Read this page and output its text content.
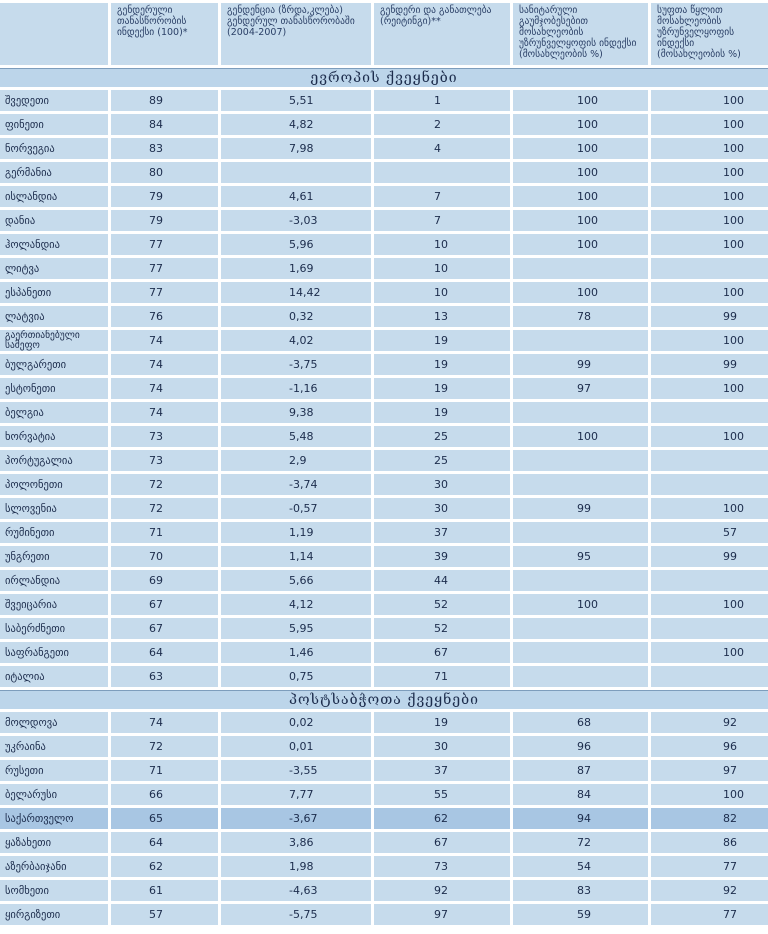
	გენდერული თანასწორობის ინდექსი (100)*	გენდენცია (ზრდა,კლება) გენდერულ თანასწორობაში (2004-2007)	გენდერი და განათლება (რეიტინგი)**	სანიტარული გაუმჯობესებით მოსახლეობის უზრუნველყოფის ინდექსი (მოსახლეობის %)	სუფთა წყლით მოსახლეობის უზრუნველყოფის ინდექსი (მოსახლეობის %)
ევროპის ქვეყნები					
შვედეთი	89	5,51	1	100	100
ფინეთი	84	4,82	2	100	100
ნორვეგია	83	7,98	4	100	100
გერმანია	80			100	100
ისლანდია	79	4,61	7	100	100
დანია	79	-3,03	7	100	100
ჰოლანდია	77	5,96	10	100	100
ლიტვა	77	1,69	10		
ესპანეთი	77	14,42	10	100	100
ლატვია	76	0,32	13	78	99
გაერთიანებული სამეფო	74	4,02	19		100
ბულგარეთი	74	-3,75	19	99	99
ესტონეთი	74	-1,16	19	97	100
ბელგია	74	9,38	19		
ხორვატია	73	5,48	25	100	100
პორტუგალია	73	2,9	25		
პოლონეთი	72	-3,74	30		
სლოვენია	72	-0,57	30	99	100
რუმინეთი	71	1,19	37		57
უნგრეთი	70	1,14	39	95	99
ირლანდია	69	5,66	44		
შვეიცარია	67	4,12	52	100	100
საბერძნეთი	67	5,95	52		
საფრანგეთი	64	1,46	67		100
იტალია	63	0,75	71		
პოსტსაბჭოთა ქვეყნები					
მოლდოვა	74	0,02	19	68	92
უკრაინა	72	0,01	30	96	96
რუსეთი	71	-3,55	37	87	97
ბელარუსი	66	7,77	55	84	100
საქართველო	65	-3,67	62	94	82
ყაზახეთი	64	3,86	67	72	86
აზერბაიჯანი	62	1,98	73	54	77
სომხეთი	61	-4,63	92	83	92
ყირგიზეთი	57	-5,75	97	59	77
